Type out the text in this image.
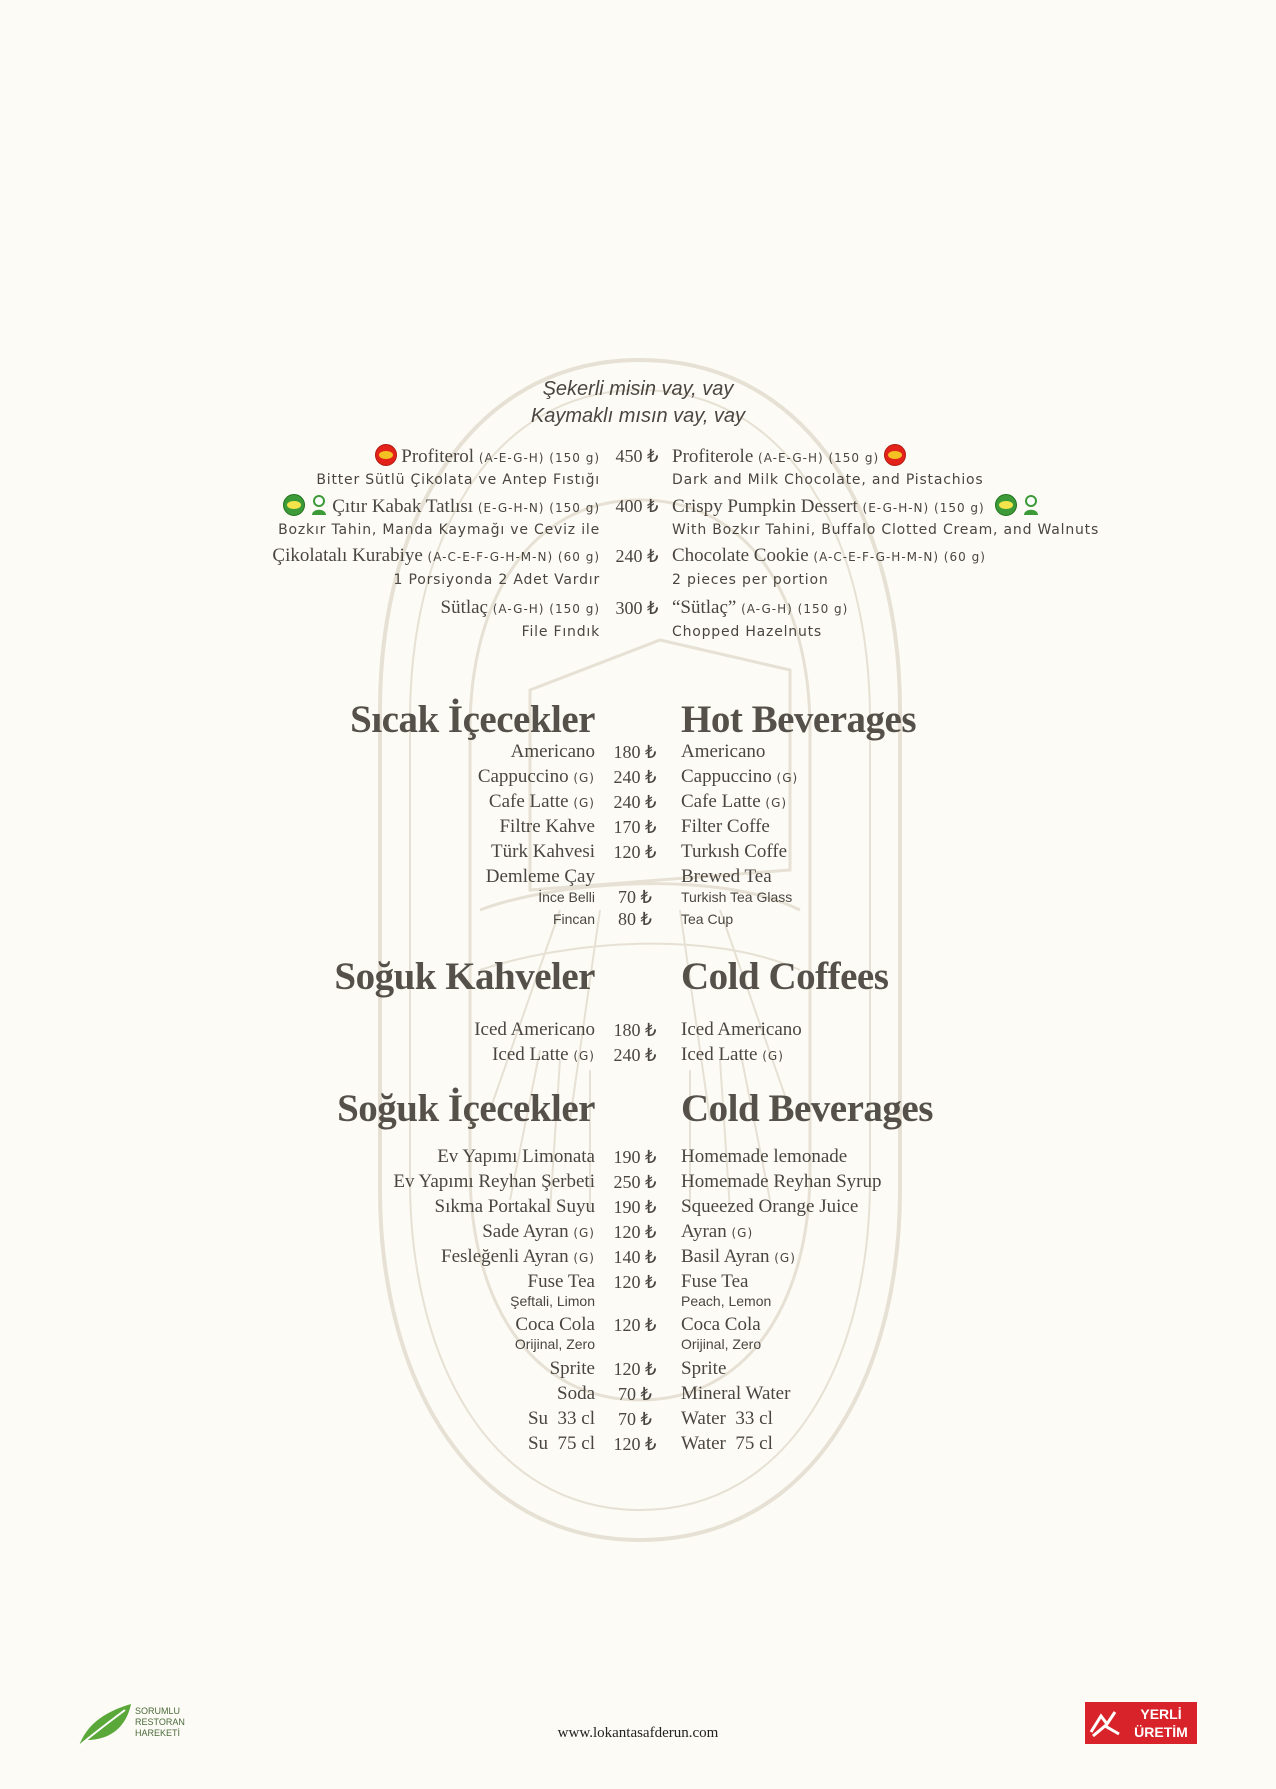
Şekerli misin vay, vay
Kaymaklı mısın vay, vay
Profiterol (A-E-G-H) (150 g) 450 ₺ Profiterole (A-E-G-H) (150 g)
Bitter Sütlü Çikolata ve Antep Fıstığı	Dark and Milk Chocolate, and Pistachios
Çıtır Kabak Tatlısı (E-G-H-N) (150 g) 400 ₺ Crispy Pumpkin Dessert (E-G-H-N) (150 g)
Bozkır Tahin, Manda Kaymağı ve Ceviz ile	With Bozkır Tahini, Buffalo Clotted Cream, and Walnuts
Çikolatalı Kurabiye (A-C-E-F-G-H-M-N) (60 g) 240 ₺ Chocolate Cookie (A-C-E-F-G-H-M-N) (60 g)
1 Porsiyonda 2 Adet Vardır	2 pieces per portion
Sütlaç (A-G-H) (150 g) 300 ₺ “Sütlaç” (A-G-H) (150 g)
File Fındık	Chopped Hazelnuts
Sıcak İçecekler Hot Beverages
Americano 180 ₺ Americano
Cappuccino (G) 240 ₺ Cappuccino (G)
Cafe Latte (G) 240 ₺ Cafe Latte (G)
Filtre Kahve 170 ₺ Filter Coffe
Türk Kahvesi 120 ₺ Turkısh Coffe
Demleme Çay	Brewed Tea
İnce Belli	70 ₺	Turkish Tea Glass
Fincan	80 ₺	Tea Cup
Soğuk Kahveler Cold Coffees
Iced Americano 180 ₺ Iced Americano
Iced Latte (G) 240 ₺ Iced Latte (G)
Soğuk İçecekler Cold Beverages
Ev Yapımı Limonata 190 ₺ Homemade lemonade
Ev Yapımı Reyhan Şerbeti 250 ₺ Homemade Reyhan Syrup
Sıkma Portakal Suyu 190 ₺ Squeezed Orange Juice
Sade Ayran (G) 120 ₺ Ayran (G)
Fesleğenli Ayran (G) 140 ₺ Basil Ayran (G)
Fuse Tea 120 ₺ Fuse Tea
Şeftali, Limon	Peach, Lemon
Coca Cola 120 ₺ Coca Cola
Orijinal, Zero	Orijinal, Zero
Sprite 120 ₺ Sprite
Soda	70 ₺	Mineral Water
Su  33 cl	70 ₺	Water  33 cl
Su  75 cl 120 ₺ Water  75 cl
SORUMLU
RESTORAN
HAREKETİ	www.lokantasafderun.com
YERLİ
ÜRETİM
